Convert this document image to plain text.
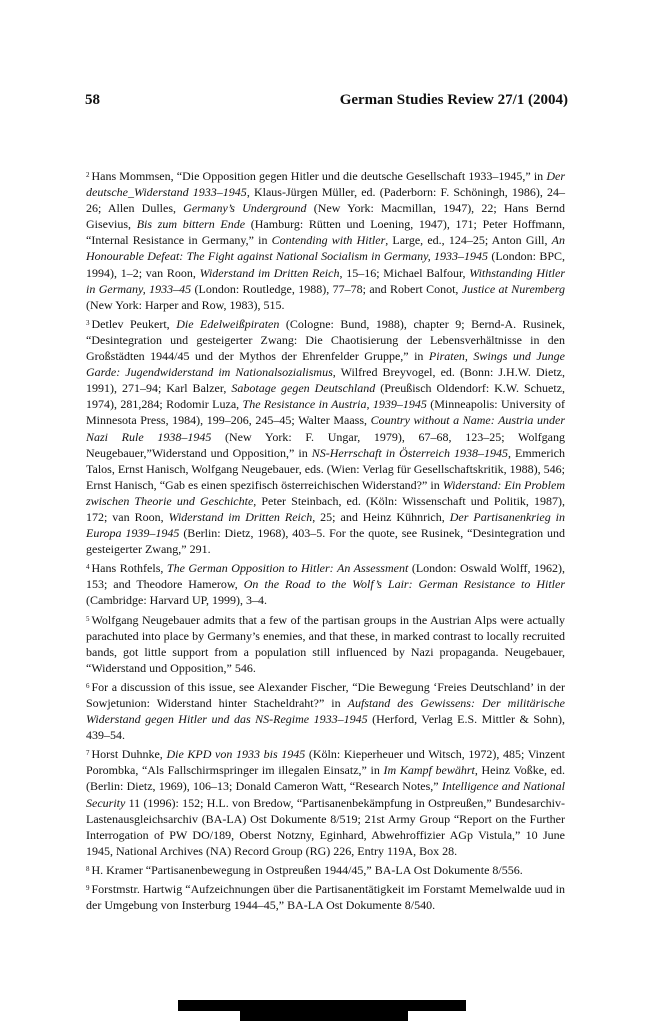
58	German Studies Review 27/1 (2004)

$^2$ Hans Mommsen, “Die Opposition gegen Hitler und die deutsche Gesellschaft 1933–1945,” in Der deutsche_Widerstand 1933–1945, Klaus-Jürgen Müller, ed. (Paderborn: F. Schöningh, 1986), 24–26; Allen Dulles, Germany’s Underground (New York: Macmillan, 1947), 22; Hans Bernd Gisevius, Bis zum bittern Ende (Hamburg: Rütten und Loening, 1947), 171; Peter Hoffmann, “Internal Resistance in Germany,” in Contending with Hitler, Large, ed., 124–25; Anton Gill, An Honourable Defeat: The Fight against National Socialism in Germany, 1933–1945 (London: BPC, 1994), 1–2; van Roon, Widerstand im Dritten Reich, 15–16; Michael Balfour, Withstanding Hitler in Germany, 1933–45 (London: Routledge, 1988), 77–78; and Robert Conot, Justice at Nuremberg (New York: Harper and Row, 1983), 515.

$^3$ Detlev Peukert, Die Edelweißpiraten (Cologne: Bund, 1988), chapter 9; Bernd-A. Rusinek, “Desintegration und gesteigerter Zwang: Die Chaotisierung der Lebensverhältnisse in den Großstädten 1944/45 und der Mythos der Ehrenfelder Gruppe,” in Piraten, Swings und Junge Garde: Jugendwiderstand im Nationalsozialismus, Wilfred Breyvogel, ed. (Bonn: J.H.W. Dietz, 1991), 271–94; Karl Balzer, Sabotage gegen Deutschland (Preußisch Oldendorf: K.W. Schuetz, 1974), 281,284; Rodomir Luza, The Resistance in Austria, 1939–1945 (Minneapolis: University of Minnesota Press, 1984), 199–206, 245–45; Walter Maass, Country without a Name: Austria under Nazi Rule 1938–1945 (New York: F. Ungar, 1979), 67–68, 123–25; Wolfgang Neugebauer,”Widerstand und Opposition,” in NS-Herrschaft in Österreich 1938–1945, Emmerich Talos, Ernst Hanisch, Wolfgang Neugebauer, eds. (Wien: Verlag für Gesellschaftskritik, 1988), 546; Ernst Hanisch, “Gab es einen spezifisch österreichischen Widerstand?” in Widerstand: Ein Problem zwischen Theorie und Geschichte, Peter Steinbach, ed. (Köln: Wissenschaft und Politik, 1987), 172; van Roon, Widerstand im Dritten Reich, 25; and Heinz Kühnrich, Der Partisanenkrieg in Europa 1939–1945 (Berlin: Dietz, 1968), 403–5. For the quote, see Rusinek, “Desintegration und gesteigerter Zwang,” 291.

$^4$ Hans Rothfels, The German Opposition to Hitler: An Assessment (London: Oswald Wolff, 1962), 153; and Theodore Hamerow, On the Road to the Wolf’s Lair: German Resistance to Hitler (Cambridge: Harvard UP, 1999), 3–4.

$^5$ Wolfgang Neugebauer admits that a few of the partisan groups in the Austrian Alps were actually parachuted into place by Germany’s enemies, and that these, in marked contrast to locally recruited bands, got little support from a population still influenced by Nazi propaganda. Neugebauer, “Widerstand und Opposition,” 546.

$^6$ For a discussion of this issue, see Alexander Fischer, “Die Bewegung ‘Freies Deutschland’ in der Sowjetunion: Widerstand hinter Stacheldraht?” in Aufstand des Gewissens: Der militärische Widerstand gegen Hitler und das NS-Regime 1933–1945 (Herford, Verlag E.S. Mittler & Sohn), 439–54.

$^7$ Horst Duhnke, Die KPD von 1933 bis 1945 (Köln: Kieperheuer und Witsch, 1972), 485; Vinzent Porombka, “Als Fallschirmspringer im illegalen Einsatz,” in Im Kampf bewährt, Heinz Voßke, ed. (Berlin: Dietz, 1969), 106–13; Donald Cameron Watt, “Research Notes,” Intelligence and National Security 11 (1996): 152; H.L. von Bredow, “Partisanenbekämpfung in Ostpreußen,” Bundesarchiv-Lastenausgleichsarchiv (BA-LA) Ost Dokumente 8/519; 21st Army Group “Report on the Further Interrogation of PW DO/189, Oberst Notzny, Eginhard, Abwehroffizier AGp Vistula,” 10 June 1945, National Archives (NA) Record Group (RG) 226, Entry 119A, Box 28.

$^8$ H. Kramer “Partisanenbewegung in Ostpreußen 1944/45,” BA-LA Ost Dokumente 8/556.

$^9$ Forstmstr. Hartwig “Aufzeichnungen über die Partisanentätigkeit im Forstamt Memelwalde uud in der Umgebung von Insterburg 1944–45,” BA-LA Ost Dokumente 8/540.
